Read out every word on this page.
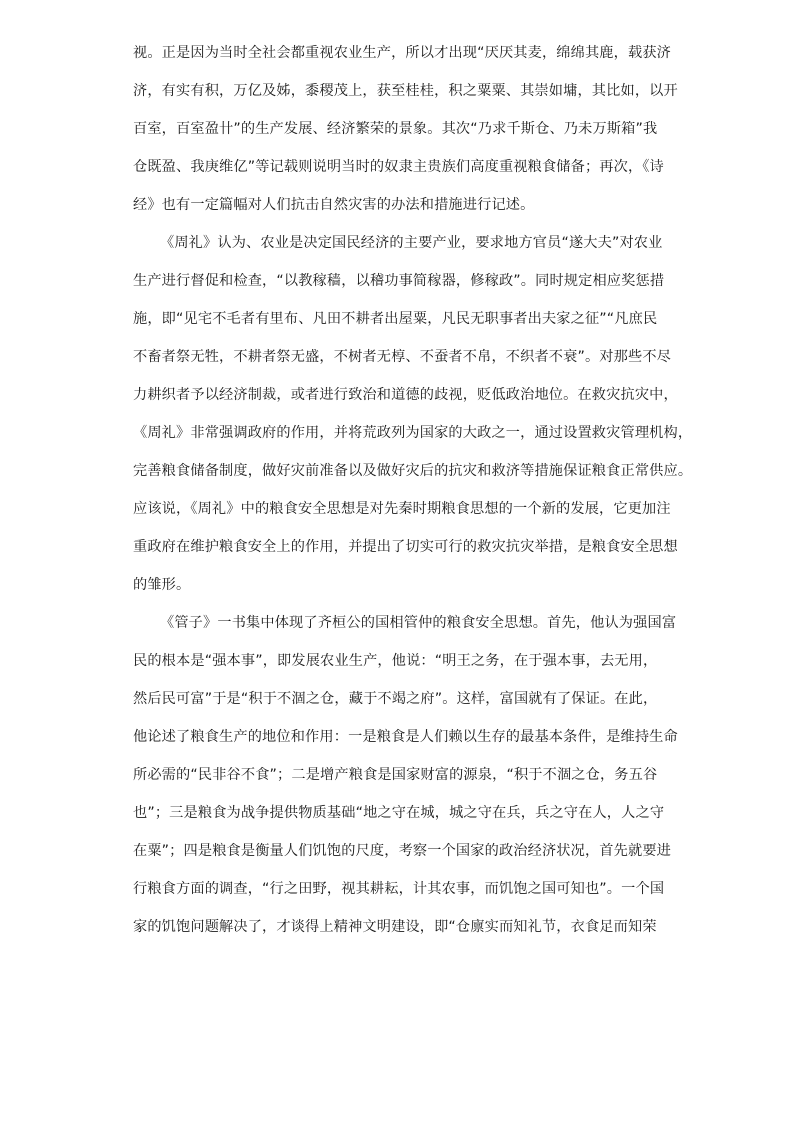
视。正是因为当时全社会都重视农业生产，所以才出现“厌厌其麦，绵绵其鹿，载获济
济，有实有积，万亿及姊，黍稷茂上，获至桂桂，积之粟粟、其崇如墉，其比如，以开
百室，百室盈卄”的生产发展、经济繁荣的景象。其次“乃求千斯仓、乃未万斯箱”我
仓既盈、我庚维亿”等记载则说明当时的奴隶主贵族们高度重视粮食储备；再次，《诗
经》也有一定篇幅对人们抗击自然灾害的办法和措施进行记述。
《周礼》认为、农业是决定国民经济的主要产业，要求地方官员“遂大夫”对农业
生产进行督促和检查，“以教稼穑，以稽功事简稼器，修稼政”。同时规定相应奖惩措
施，即“见宅不毛者有里布、凡田不耕者出屋粟，凡民无职事者出夫家之征”“凡庶民
不畜者祭无牲，不耕者祭无盛，不树者无椁、不蚕者不帛，不织者不衰”。对那些不尽
力耕织者予以经济制裁，或者进行致治和道德的歧视，贬低政治地位。在救灾抗灾中，
《周礼》非常强调政府的作用，并将荒政列为国家的大政之一，通过设置救灾管理机构，
完善粮食储备制度，做好灾前准备以及做好灾后的抗灾和救济等措施保证粮食正常供应。
应该说，《周礼》中的粮食安全思想是对先秦时期粮食思想的一个新的发展，它更加注
重政府在维护粮食安全上的作用，并提出了切实可行的救灾抗灾举措，是粮食安全思想
的雏形。
《管子》一书集中体现了齐桓公的国相管仲的粮食安全思想。首先，他认为强国富
民的根本是“强本事”，即发展农业生产，他说：“明王之务，在于强本事，去无用，
然后民可富”于是“积于不涸之仓，藏于不竭之府”。这样，富国就有了保证。在此，
他论述了粮食生产的地位和作用：一是粮食是人们赖以生存的最基本条件，是维持生命
所必需的“民非谷不食”；二是增产粮食是国家财富的源泉，“积于不涸之仓，务五谷
也”；三是粮食为战争提供物质基础“地之守在城，城之守在兵，兵之守在人，人之守
在粟”；四是粮食是衡量人们饥饱的尺度，考察一个国家的政治经济状况，首先就要进
行粮食方面的调查，“行之田野，视其耕耘，计其农事，而饥饱之国可知也”。一个国
家的饥饱问题解决了，才谈得上精神文明建设，即“仓廪实而知礼节，衣食足而知荣
